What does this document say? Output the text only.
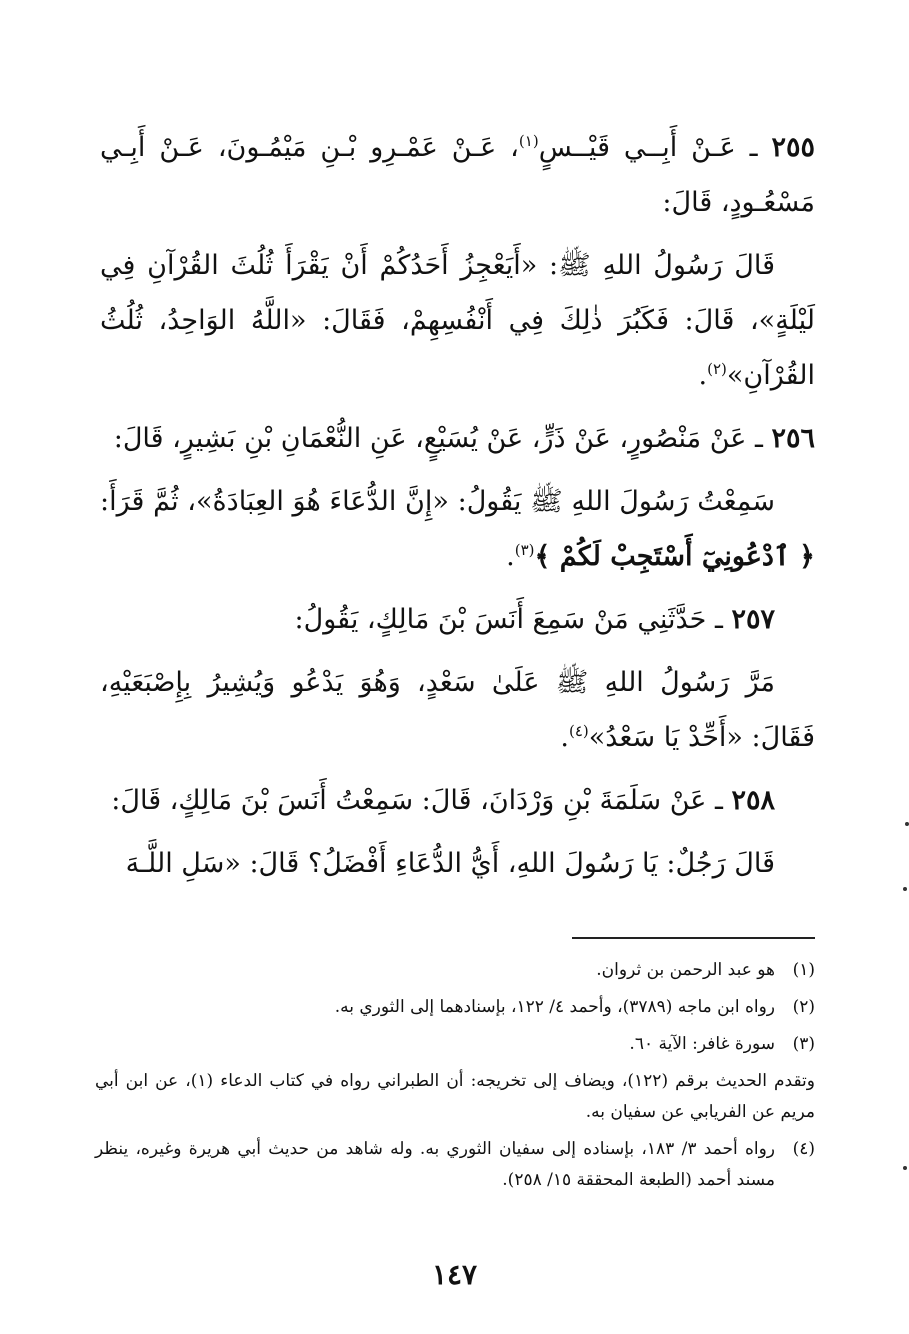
٢٥٥ ـ عَـنْ أَبِــي قَيْــسٍ$^{(١)}$، عَـنْ عَمْـرِو بْـنِ مَيْمُـونَ، عَـنْ أَبِـي مَسْعُـودٍ، قَالَ:

قَالَ رَسُولُ اللهِ ﷺ: «أَيَعْجِزُ أَحَدُكُمْ أَنْ يَقْرَأَ ثُلُثَ القُرْآنِ فِي لَيْلَةٍ»، قَالَ: فَكَبُرَ ذٰلِكَ فِي أَنْفُسِهِمْ، فَقَالَ: «اللَّهُ الوَاحِدُ، ثُلُثُ القُرْآنِ»$^{(٢)}$.

٢٥٦ ـ عَنْ مَنْصُورٍ، عَنْ ذَرٍّ، عَنْ يُسَيْعٍ، عَنِ النُّعْمَانِ بْنِ بَشِيرٍ، قَالَ:

سَمِعْتُ رَسُولَ اللهِ ﷺ يَقُولُ: «إِنَّ الدُّعَاءَ هُوَ العِبَادَةُ»، ثُمَّ قَرَأَ: ﴿ ٱدْعُونِيٓ أَسْتَجِبْ لَكُمْ ﴾$^{(٣)}$.

٢٥٧ ـ حَدَّثَنِي مَنْ سَمِعَ أَنَسَ بْنَ مَالِكٍ، يَقُولُ:

مَرَّ رَسُولُ اللهِ ﷺ عَلَىٰ سَعْدٍ، وَهُوَ يَدْعُو وَيُشِيرُ بِإِصْبَعَيْهِ، فَقَالَ: «أَحِّدْ يَا سَعْدُ»$^{(٤)}$.

٢٥٨ ـ عَنْ سَلَمَةَ بْنِ وَرْدَانَ، قَالَ: سَمِعْتُ أَنَسَ بْنَ مَالِكٍ، قَالَ:

قَالَ رَجُلٌ: يَا رَسُولَ اللهِ، أَيُّ الدُّعَاءِ أَفْضَلُ؟ قَالَ: «سَلِ اللَّـهَ

(١)
هو عبد الرحمن بن ثروان.
(٢)
رواه ابن ماجه (٣٧٨٩)، وأحمد ٤/ ١٢٢، بإسنادهما إلى الثوري به.
(٣)
سورة غافر: الآية ٦٠.

وتقدم الحديث برقم (١٢٢)، ويضاف إلى تخريجه: أن الطبراني رواه في كتاب الدعاء (١)، عن ابن أبي مريم عن الفريابي عن سفيان به.

(٤)
رواه أحمد ٣/ ١٨٣، بإسناده إلى سفيان الثوري به. وله شاهد من حديث أبي هريرة وغيره، ينظر مسند أحمد (الطبعة المحققة ١٥/ ٢٥٨).
١٤٧
